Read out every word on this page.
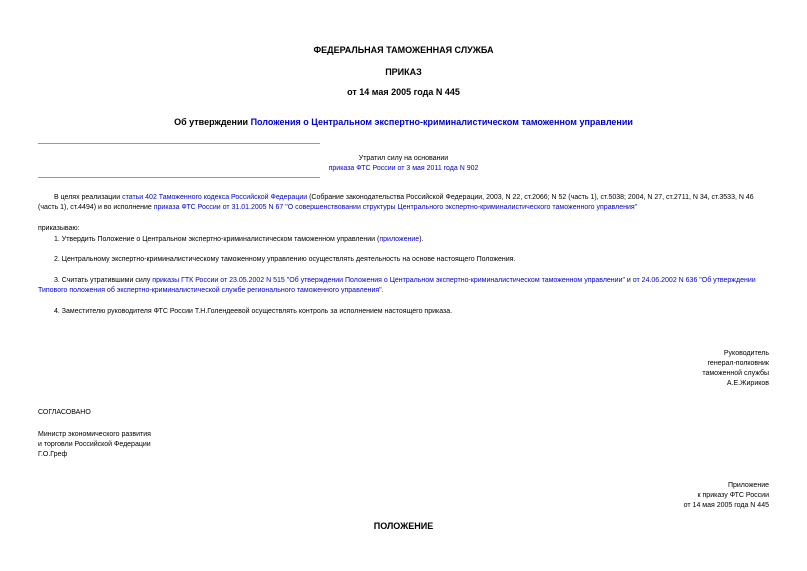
ФЕДЕРАЛЬНАЯ ТАМОЖЕННАЯ СЛУЖБА
ПРИКАЗ
от 14 мая 2005 года N 445
Об утверждении Положения о Центральном экспертно-криминалистическом таможенном управлении
Утратил силу на основании
приказа ФТС России от 3 мая 2011 года N 902
В целях реализации статьи 402 Таможенного кодекса Российской Федерации (Собрание законодательства Российской Федерации, 2003, N 22, ст.2066; N 52 (часть 1), ст.5038; 2004, N 27, ст.2711, N 34, ст.3533, N 46 (часть 1), ст.4494) и во исполнение приказа ФТС России от 31.01.2005 N 67 "О совершенствовании структуры Центрального экспертно-криминалистического таможенного управления"
приказываю:
1. Утвердить Положение о Центральном экспертно-криминалистическом таможенном управлении (приложение).
2. Центральному экспертно-криминалистическому таможенному управлению осуществлять деятельность на основе настоящего Положения.
3. Считать утратившими силу приказы ГТК России от 23.05.2002 N 515 "Об утверждении Положения о Центральном экспертно-криминалистическом таможенном управлении" и от 24.06.2002 N 636 "Об утверждении Типового положения об экспертно-криминалистической службе регионального таможенного управления".
4. Заместителю руководителя ФТС России Т.Н.Голендеевой осуществлять контроль за исполнением настоящего приказа.
Руководитель
генерал-полковник
таможенной службы
А.Е.Жириков
СОГЛАСОВАНО
Министр экономического развития
и торговли Российской Федерации
Г.О.Греф
Приложение
к приказу ФТС России
от 14 мая 2005 года N 445
ПОЛОЖЕНИЕ
